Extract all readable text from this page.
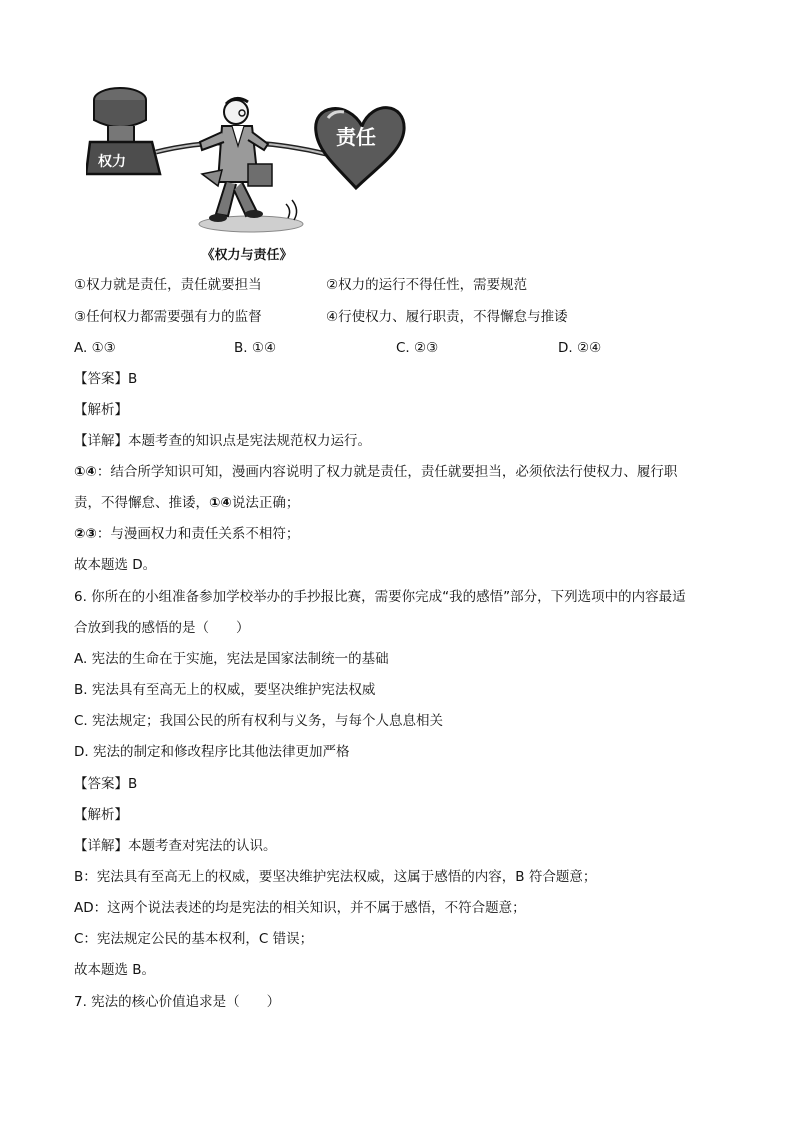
权力
责任
《权力与责任》
①权力就是责任，责任就要担当	②权力的运行不得任性，需要规范
③任何权力都需要强有力的监督	④行使权力、履行职责，不得懈怠与推诿
A. ①③	B. ①④	C. ②③	D. ②④
【答案】B
【解析】
【详解】本题考查的知识点是宪法规范权力运行。
①④：结合所学知识可知，漫画内容说明了权力就是责任，责任就要担当，必须依法行使权力、履行职
责，不得懈怠、推诿，①④说法正确；
②③：与漫画权力和责任关系不相符；
故本题选 D。
6. 你所在的小组准备参加学校举办的手抄报比赛，需要你完成“我的感悟”部分，下列选项中的内容最适
合放到我的感悟的是（　　）
A. 宪法的生命在于实施，宪法是国家法制统一的基础
B. 宪法具有至高无上的权威，要坚决维护宪法权威
C. 宪法规定；我国公民的所有权利与义务，与每个人息息相关
D. 宪法的制定和修改程序比其他法律更加严格
【答案】B
【解析】
【详解】本题考查对宪法的认识。
B：宪法具有至高无上的权威，要坚决维护宪法权威，这属于感悟的内容，B 符合题意；
AD：这两个说法表述的均是宪法的相关知识，并不属于感悟，不符合题意；
C：宪法规定公民的基本权利，C 错误；
故本题选 B。
7. 宪法的核心价值追求是（　　）
